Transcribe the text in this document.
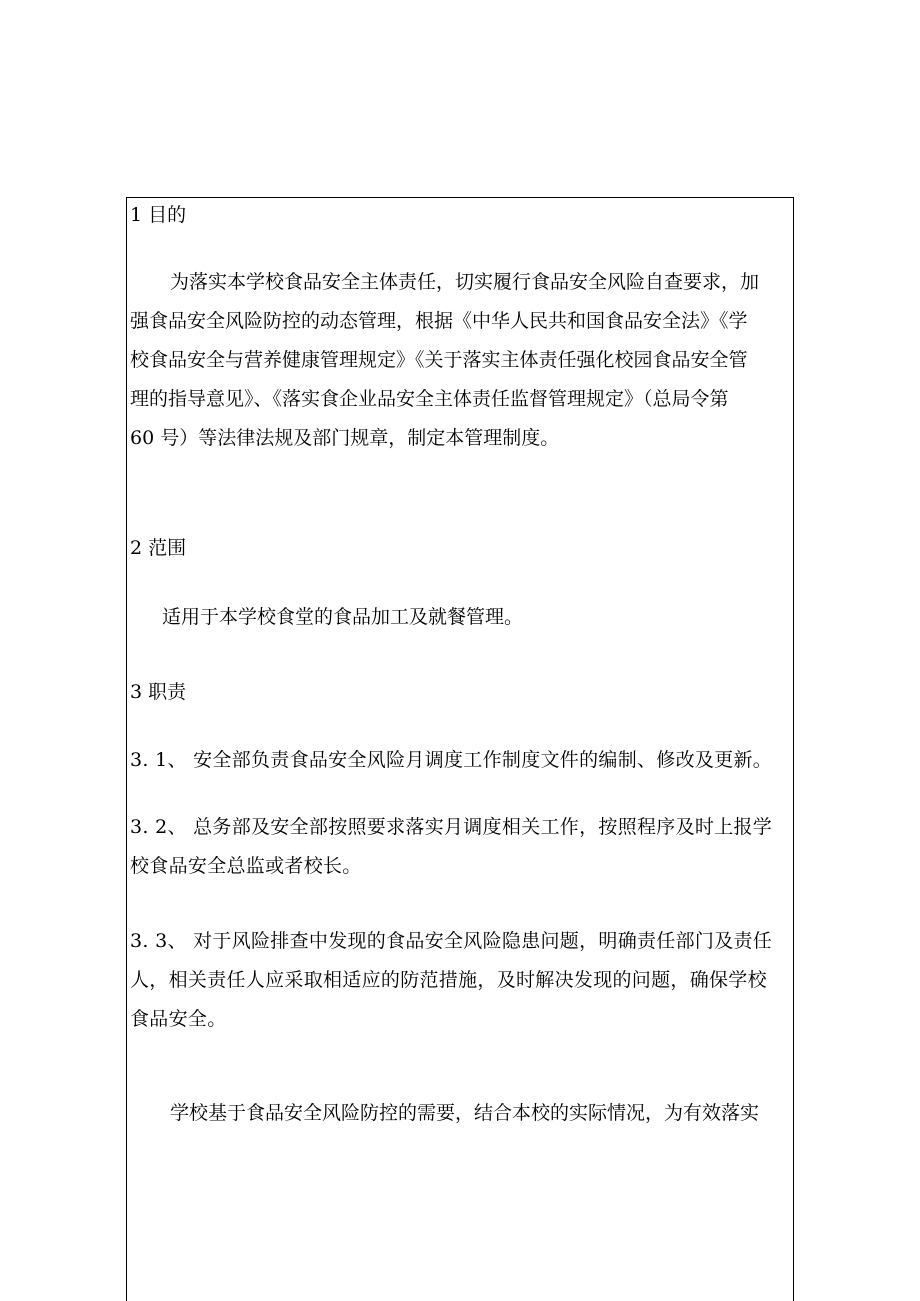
1 目的
为落实本学校食品安全主体责任，切实履行食品安全风险自查要求，加
强食品安全风险防控的动态管理，根据《中华人民共和国食品安全法》《学
校食品安全与营养健康管理规定》《关于落实主体责任强化校园食品安全管
理的指导意见》、《落实食企业品安全主体责任监督管理规定》（总局令第
60 号）等法律法规及部门规章，制定本管理制度。
2 范围
适用于本学校食堂的食品加工及就餐管理。
3 职责
3. 1、 安全部负责食品安全风险月调度工作制度文件的编制、修改及更新。
3. 2、 总务部及安全部按照要求落实月调度相关工作，按照程序及时上报学
校食品安全总监或者校长。
3. 3、 对于风险排查中发现的食品安全风险隐患问题，明确责任部门及责任
人，相关责任人应采取相适应的防范措施，及时解决发现的问题，确保学校
食品安全。
学校基于食品安全风险防控的需要，结合本校的实际情况，为有效落实
